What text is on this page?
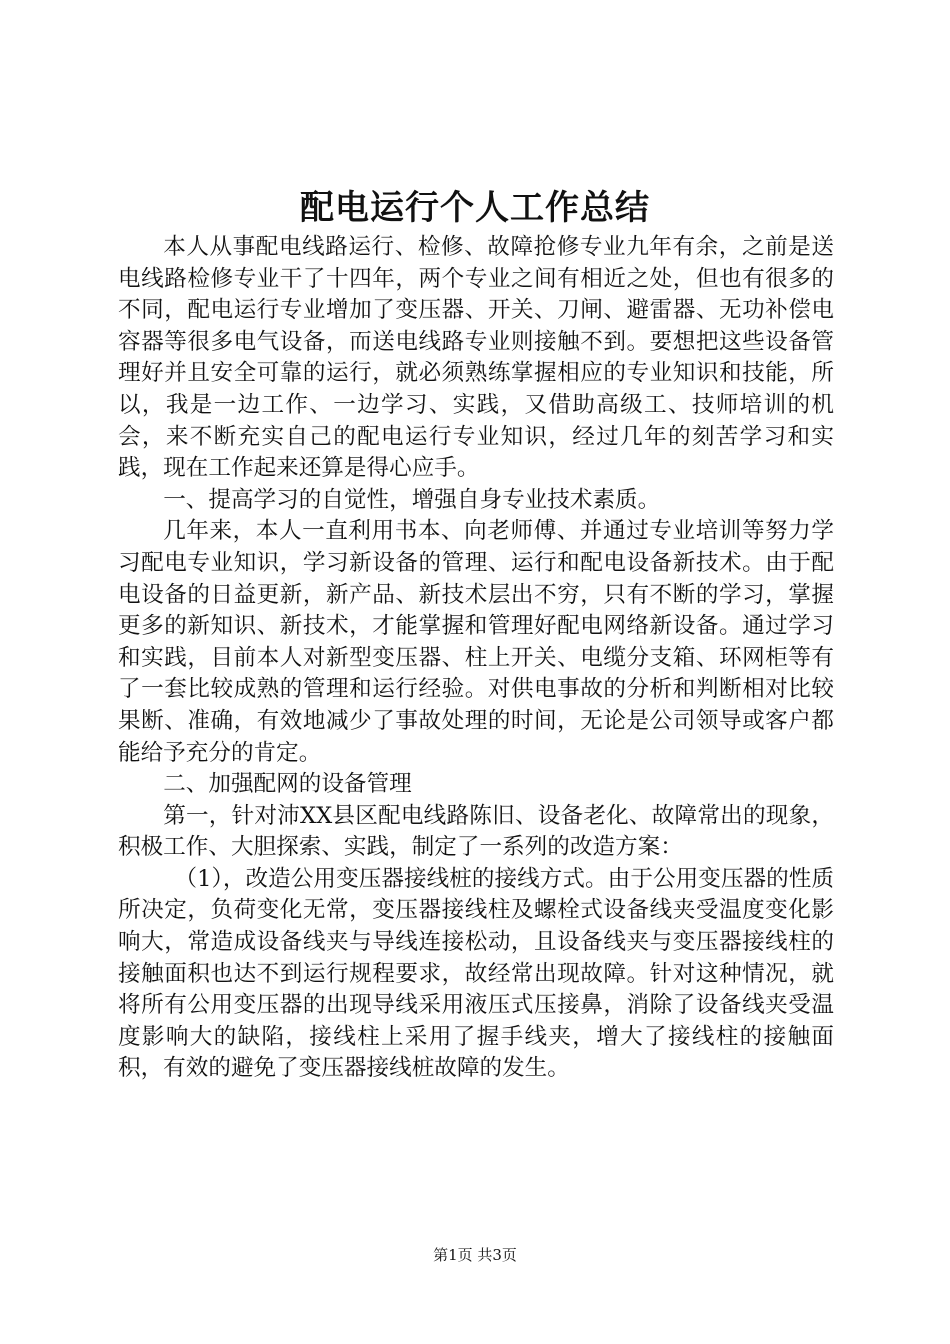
配电运行个人工作总结

本人从事配电线路运行、检修、故障抢修专业九年有余，之前是送电线路检修专业干了十四年，两个专业之间有相近之处，但也有很多的不同，配电运行专业增加了变压器、开关、刀闸、避雷器、无功补偿电容器等很多电气设备，而送电线路专业则接触不到。要想把这些设备管理好并且安全可靠的运行，就必须熟练掌握相应的专业知识和技能，所以，我是一边工作、一边学习、实践，又借助高级工、技师培训的机会，来不断充实自己的配电运行专业知识，经过几年的刻苦学习和实践，现在工作起来还算是得心应手。

一、提高学习的自觉性，增强自身专业技术素质。

几年来，本人一直利用书本、向老师傅、并通过专业培训等努力学习配电专业知识，学习新设备的管理、运行和配电设备新技术。由于配电设备的日益更新，新产品、新技术层出不穷，只有不断的学习，掌握更多的新知识、新技术，才能掌握和管理好配电网络新设备。通过学习和实践，目前本人对新型变压器、柱上开关、电缆分支箱、环网柜等有了一套比较成熟的管理和运行经验。对供电事故的分析和判断相对比较果断、准确，有效地减少了事故处理的时间，无论是公司领导或客户都能给予充分的肯定。

二、加强配网的设备管理

第一，针对沛XX县区配电线路陈旧、设备老化、故障常出的现象，积极工作、大胆探索、实践，制定了一系列的改造方案：

（1），改造公用变压器接线桩的接线方式。由于公用变压器的性质所决定，负荷变化无常，变压器接线柱及螺栓式设备线夹受温度变化影响大，常造成设备线夹与导线连接松动，且设备线夹与变压器接线柱的接触面积也达不到运行规程要求，故经常出现故障。针对这种情况，就将所有公用变压器的出现导线采用液压式压接鼻，消除了设备线夹受温度影响大的缺陷，接线柱上采用了握手线夹，增大了接线柱的接触面积，有效的避免了变压器接线桩故障的发生。

第1页 共3页
